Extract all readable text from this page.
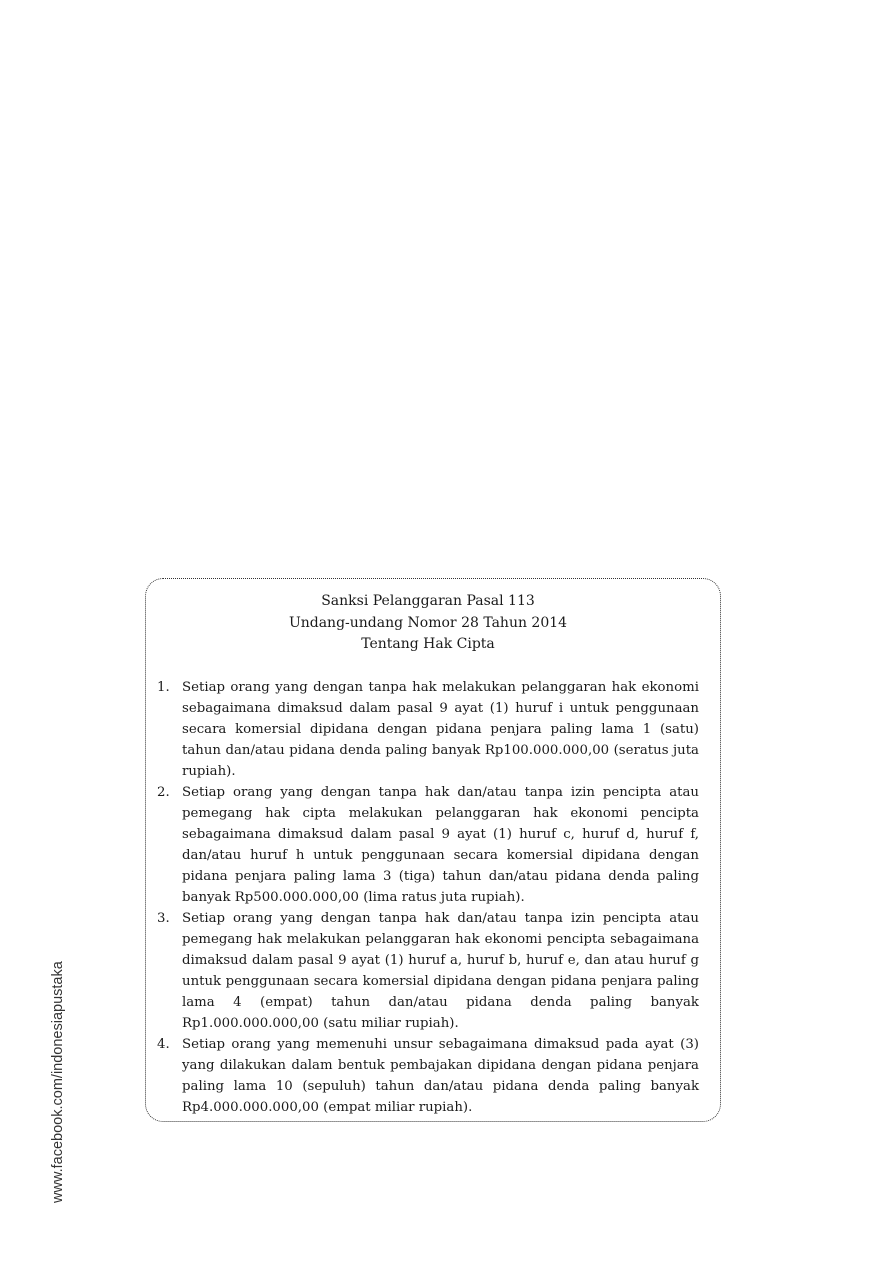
Sanksi Pelanggaran Pasal 113
Undang-undang Nomor 28 Tahun 2014
Tentang Hak Cipta
1. Setiap orang yang dengan tanpa hak melakukan pelanggaran hak ekonomi sebagaimana dimaksud dalam pasal 9 ayat (1) huruf i untuk penggunaan secara komersial dipidana dengan pidana penjara paling lama 1 (satu) tahun dan/atau pidana denda paling banyak Rp100.000.000,00 (seratus juta rupiah).
2. Setiap orang yang dengan tanpa hak dan/atau tanpa izin pencipta atau pemegang hak cipta melakukan pelanggaran hak ekonomi pencipta sebagaimana dimaksud dalam pasal 9 ayat (1) huruf c, huruf d, huruf f, dan/atau huruf h untuk penggunaan secara komersial dipidana dengan pidana penjara paling lama 3 (tiga) tahun dan/atau pidana denda paling banyak Rp500.000.000,00 (lima ratus juta rupiah).
3. Setiap orang yang dengan tanpa hak dan/atau tanpa izin pencipta atau pemegang hak melakukan pelanggaran hak ekonomi pencipta sebagaimana dimaksud dalam pasal 9 ayat (1) huruf a, huruf b, huruf e, dan atau huruf g untuk penggunaan secara komersial dipidana dengan pidana penjara paling lama 4 (empat) tahun dan/atau pidana denda paling banyak Rp1.000.000.000,00 (satu miliar rupiah).
4. Setiap orang yang memenuhi unsur sebagaimana dimaksud pada ayat (3) yang dilakukan dalam bentuk pembajakan dipidana dengan pidana penjara paling lama 10 (sepuluh) tahun dan/atau pidana denda paling banyak Rp4.000.000.000,00 (empat miliar rupiah).
www.facebook.com/indonesiapustaka
